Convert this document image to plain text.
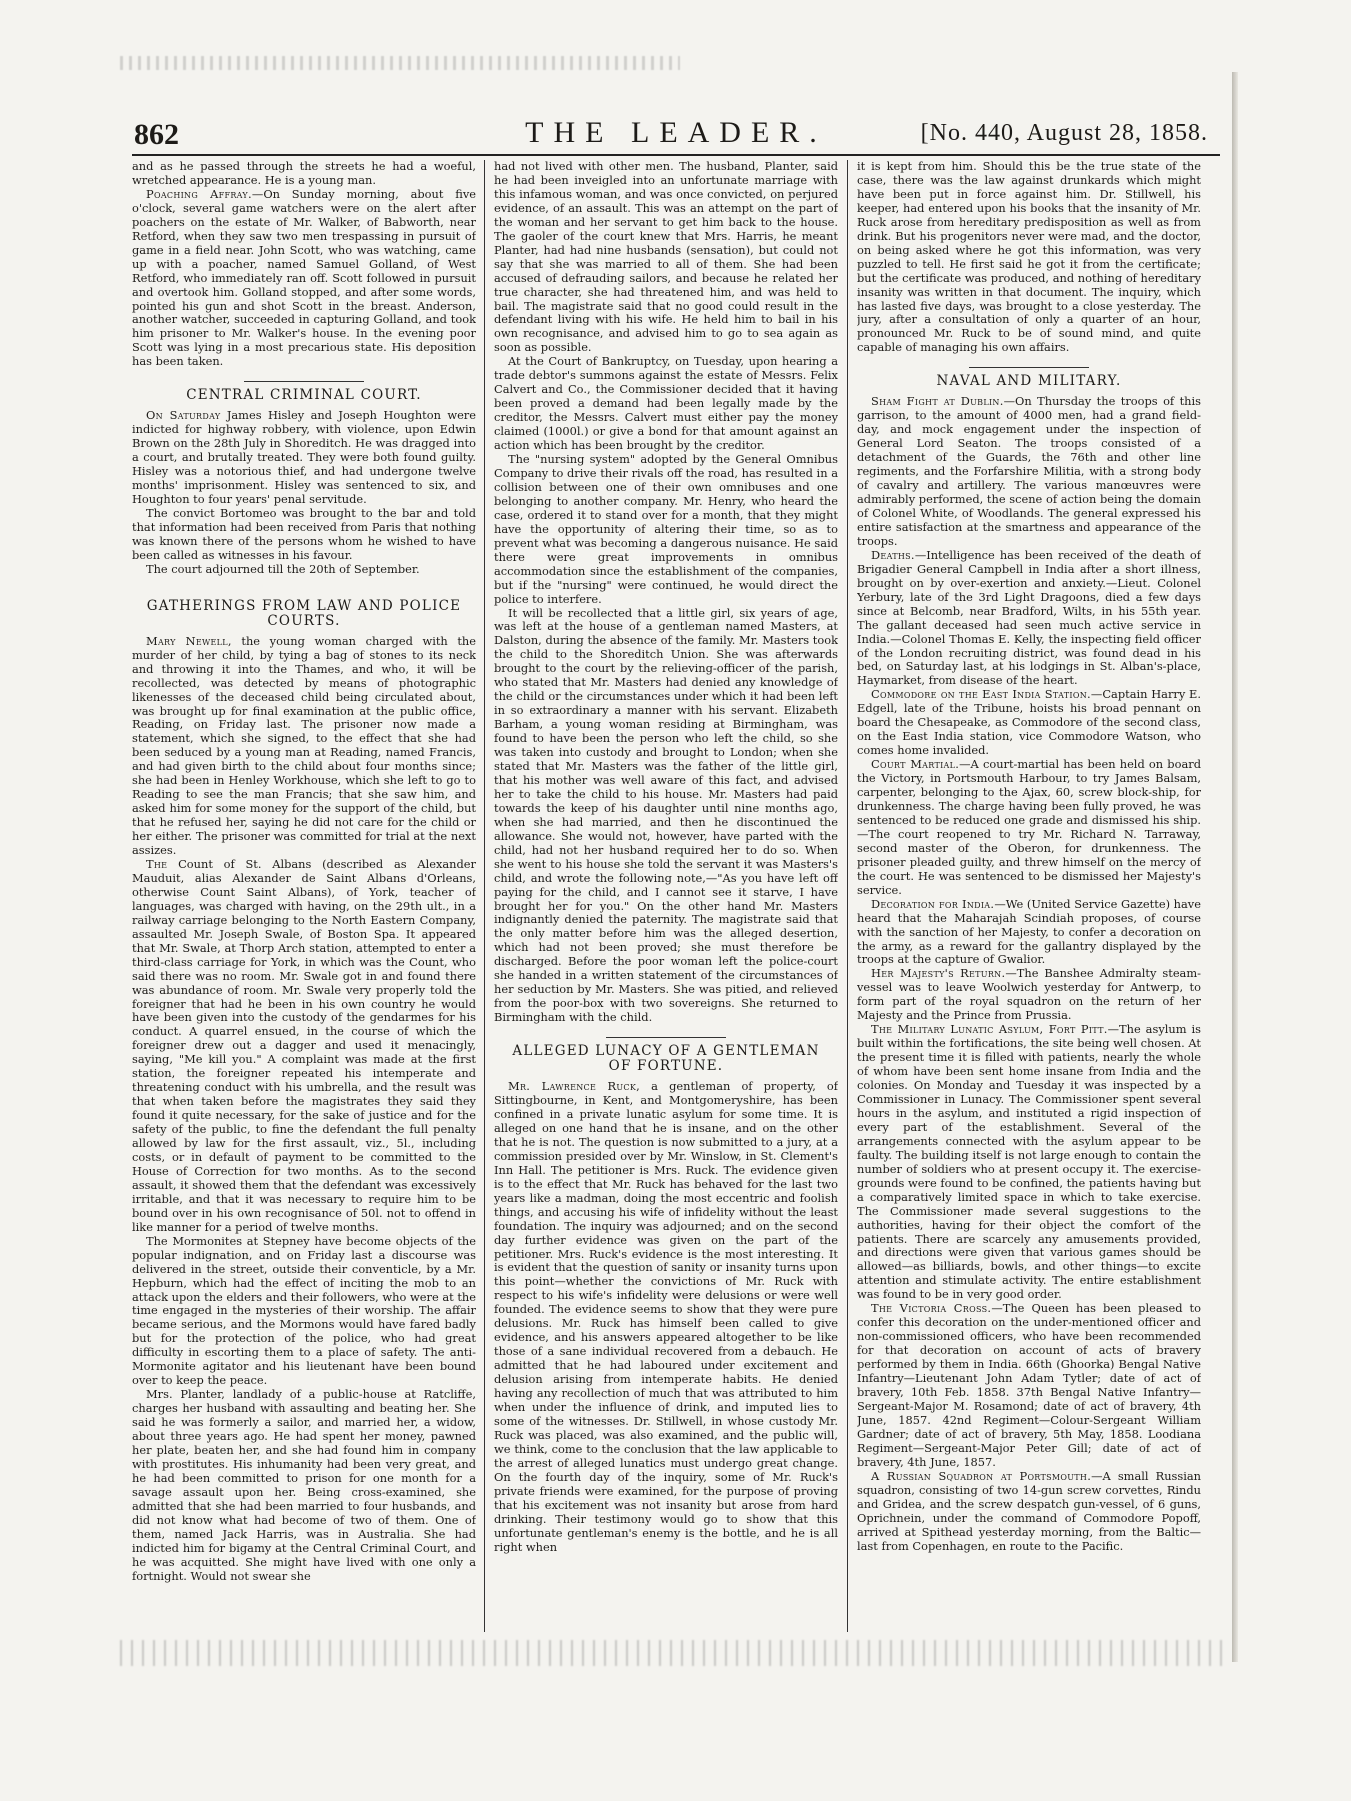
862	THE LEADER.	[No. 440, August 28, 1858.

and as he passed through the streets he had a woeful, wretched appearance. He is a young man.

Poaching Affray.—On Sunday morning, about five o'clock, several game watchers were on the alert after poachers on the estate of Mr. Walker, of Babworth, near Retford, when they saw two men trespassing in pursuit of game in a field near. John Scott, who was watching, came up with a poacher, named Samuel Golland, of West Retford, who immediately ran off. Scott followed in pursuit and overtook him. Golland stopped, and after some words, pointed his gun and shot Scott in the breast. Anderson, another watcher, succeeded in capturing Golland, and took him prisoner to Mr. Walker's house. In the evening poor Scott was lying in a most precarious state. His deposition has been taken.

CENTRAL CRIMINAL COURT.

On Saturday James Hisley and Joseph Houghton were indicted for highway robbery, with violence, upon Edwin Brown on the 28th July in Shoreditch. He was dragged into a court, and brutally treated. They were both found guilty. Hisley was a notorious thief, and had undergone twelve months' imprisonment. Hisley was sentenced to six, and Houghton to four years' penal servitude.

The convict Bortomeo was brought to the bar and told that information had been received from Paris that nothing was known there of the persons whom he wished to have been called as witnesses in his favour.

The court adjourned till the 20th of September.

GATHERINGS FROM LAW AND POLICE COURTS.

Mary Newell, the young woman charged with the murder of her child, by tying a bag of stones to its neck and throwing it into the Thames, and who, it will be recollected, was detected by means of photographic likenesses of the deceased child being circulated about, was brought up for final examination at the public office, Reading, on Friday last. The prisoner now made a statement, which she signed, to the effect that she had been seduced by a young man at Reading, named Francis, and had given birth to the child about four months since; she had been in Henley Workhouse, which she left to go to Reading to see the man Francis; that she saw him, and asked him for some money for the support of the child, but that he refused her, saying he did not care for the child or her either. The prisoner was committed for trial at the next assizes.

The Count of St. Albans (described as Alexander Mauduit, alias Alexander de Saint Albans d'Orleans, otherwise Count Saint Albans), of York, teacher of languages, was charged with having, on the 29th ult., in a railway carriage belonging to the North Eastern Company, assaulted Mr. Joseph Swale, of Boston Spa. It appeared that Mr. Swale, at Thorp Arch station, attempted to enter a third-class carriage for York, in which was the Count, who said there was no room. Mr. Swale got in and found there was abundance of room. Mr. Swale very properly told the foreigner that had he been in his own country he would have been given into the custody of the gendarmes for his conduct. A quarrel ensued, in the course of which the foreigner drew out a dagger and used it menacingly, saying, "Me kill you." A complaint was made at the first station, the foreigner repeated his intemperate and threatening conduct with his umbrella, and the result was that when taken before the magistrates they said they found it quite necessary, for the sake of justice and for the safety of the public, to fine the defendant the full penalty allowed by law for the first assault, viz., 5l., including costs, or in default of payment to be committed to the House of Correction for two months. As to the second assault, it showed them that the defendant was excessively irritable, and that it was necessary to require him to be bound over in his own recognisance of 50l. not to offend in like manner for a period of twelve months.

The Mormonites at Stepney have become objects of the popular indignation, and on Friday last a discourse was delivered in the street, outside their conventicle, by a Mr. Hepburn, which had the effect of inciting the mob to an attack upon the elders and their followers, who were at the time engaged in the mysteries of their worship. The affair became serious, and the Mormons would have fared badly but for the protection of the police, who had great difficulty in escorting them to a place of safety. The anti-Mormonite agitator and his lieutenant have been bound over to keep the peace.

Mrs. Planter, landlady of a public-house at Ratcliffe, charges her husband with assaulting and beating her. She said he was formerly a sailor, and married her, a widow, about three years ago. He had spent her money, pawned her plate, beaten her, and she had found him in company with prostitutes. His inhumanity had been very great, and he had been committed to prison for one month for a savage assault upon her. Being cross-examined, she admitted that she had been married to four husbands, and did not know what had become of two of them. One of them, named Jack Harris, was in Australia. She had indicted him for bigamy at the Central Criminal Court, and he was acquitted. She might have lived with one only a fortnight. Would not swear she

had not lived with other men. The husband, Planter, said he had been inveigled into an unfortunate marriage with this infamous woman, and was once convicted, on perjured evidence, of an assault. This was an attempt on the part of the woman and her servant to get him back to the house. The gaoler of the court knew that Mrs. Harris, he meant Planter, had had nine husbands (sensation), but could not say that she was married to all of them. She had been accused of defrauding sailors, and because he related her true character, she had threatened him, and was held to bail. The magistrate said that no good could result in the defendant living with his wife. He held him to bail in his own recognisance, and advised him to go to sea again as soon as possible.

At the Court of Bankruptcy, on Tuesday, upon hearing a trade debtor's summons against the estate of Messrs. Felix Calvert and Co., the Commissioner decided that it having been proved a demand had been legally made by the creditor, the Messrs. Calvert must either pay the money claimed (1000l.) or give a bond for that amount against an action which has been brought by the creditor.

The "nursing system" adopted by the General Omnibus Company to drive their rivals off the road, has resulted in a collision between one of their own omnibuses and one belonging to another company. Mr. Henry, who heard the case, ordered it to stand over for a month, that they might have the opportunity of altering their time, so as to prevent what was becoming a dangerous nuisance. He said there were great improvements in omnibus accommodation since the establishment of the companies, but if the "nursing" were continued, he would direct the police to interfere.

It will be recollected that a little girl, six years of age, was left at the house of a gentleman named Masters, at Dalston, during the absence of the family. Mr. Masters took the child to the Shoreditch Union. She was afterwards brought to the court by the relieving-officer of the parish, who stated that Mr. Masters had denied any knowledge of the child or the circumstances under which it had been left in so extraordinary a manner with his servant. Elizabeth Barham, a young woman residing at Birmingham, was found to have been the person who left the child, so she was taken into custody and brought to London; when she stated that Mr. Masters was the father of the little girl, that his mother was well aware of this fact, and advised her to take the child to his house. Mr. Masters had paid towards the keep of his daughter until nine months ago, when she had married, and then he discontinued the allowance. She would not, however, have parted with the child, had not her husband required her to do so. When she went to his house she told the servant it was Masters's child, and wrote the following note,—"As you have left off paying for the child, and I cannot see it starve, I have brought her for you." On the other hand Mr. Masters indignantly denied the paternity. The magistrate said that the only matter before him was the alleged desertion, which had not been proved; she must therefore be discharged. Before the poor woman left the police-court she handed in a written statement of the circumstances of her seduction by Mr. Masters. She was pitied, and relieved from the poor-box with two sovereigns. She returned to Birmingham with the child.

ALLEGED LUNACY OF A GENTLEMAN OF FORTUNE.

Mr. Lawrence Ruck, a gentleman of property, of Sittingbourne, in Kent, and Montgomeryshire, has been confined in a private lunatic asylum for some time. It is alleged on one hand that he is insane, and on the other that he is not. The question is now submitted to a jury, at a commission presided over by Mr. Winslow, in St. Clement's Inn Hall. The petitioner is Mrs. Ruck. The evidence given is to the effect that Mr. Ruck has behaved for the last two years like a madman, doing the most eccentric and foolish things, and accusing his wife of infidelity without the least foundation. The inquiry was adjourned; and on the second day further evidence was given on the part of the petitioner. Mrs. Ruck's evidence is the most interesting. It is evident that the question of sanity or insanity turns upon this point—whether the convictions of Mr. Ruck with respect to his wife's infidelity were delusions or were well founded. The evidence seems to show that they were pure delusions. Mr. Ruck has himself been called to give evidence, and his answers appeared altogether to be like those of a sane individual recovered from a debauch. He admitted that he had laboured under excitement and delusion arising from intemperate habits. He denied having any recollection of much that was attributed to him when under the influence of drink, and imputed lies to some of the witnesses. Dr. Stillwell, in whose custody Mr. Ruck was placed, was also examined, and the public will, we think, come to the conclusion that the law applicable to the arrest of alleged lunatics must undergo great change. On the fourth day of the inquiry, some of Mr. Ruck's private friends were examined, for the purpose of proving that his excitement was not insanity but arose from hard drinking. Their testimony would go to show that this unfortunate gentleman's enemy is the bottle, and he is all right when

it is kept from him. Should this be the true state of the case, there was the law against drunkards which might have been put in force against him. Dr. Stillwell, his keeper, had entered upon his books that the insanity of Mr. Ruck arose from hereditary predisposition as well as from drink. But his progenitors never were mad, and the doctor, on being asked where he got this information, was very puzzled to tell. He first said he got it from the certificate; but the certificate was produced, and nothing of hereditary insanity was written in that document. The inquiry, which has lasted five days, was brought to a close yesterday. The jury, after a consultation of only a quarter of an hour, pronounced Mr. Ruck to be of sound mind, and quite capable of managing his own affairs.

NAVAL AND MILITARY.

Sham Fight at Dublin.—On Thursday the troops of this garrison, to the amount of 4000 men, had a grand field-day, and mock engagement under the inspection of General Lord Seaton. The troops consisted of a detachment of the Guards, the 76th and other line regiments, and the Forfarshire Militia, with a strong body of cavalry and artillery. The various manœuvres were admirably performed, the scene of action being the domain of Colonel White, of Woodlands. The general expressed his entire satisfaction at the smartness and appearance of the troops.

Deaths.—Intelligence has been received of the death of Brigadier General Campbell in India after a short illness, brought on by over-exertion and anxiety.—Lieut. Colonel Yerbury, late of the 3rd Light Dragoons, died a few days since at Belcomb, near Bradford, Wilts, in his 55th year. The gallant deceased had seen much active service in India.—Colonel Thomas E. Kelly, the inspecting field officer of the London recruiting district, was found dead in his bed, on Saturday last, at his lodgings in St. Alban's-place, Haymarket, from disease of the heart.

Commodore on the East India Station.—Captain Harry E. Edgell, late of the Tribune, hoists his broad pennant on board the Chesapeake, as Commodore of the second class, on the East India station, vice Commodore Watson, who comes home invalided.

Court Martial.—A court-martial has been held on board the Victory, in Portsmouth Harbour, to try James Balsam, carpenter, belonging to the Ajax, 60, screw block-ship, for drunkenness. The charge having been fully proved, he was sentenced to be reduced one grade and dismissed his ship.—The court reopened to try Mr. Richard N. Tarraway, second master of the Oberon, for drunkenness. The prisoner pleaded guilty, and threw himself on the mercy of the court. He was sentenced to be dismissed her Majesty's service.

Decoration for India.—We (United Service Gazette) have heard that the Maharajah Scindiah proposes, of course with the sanction of her Majesty, to confer a decoration on the army, as a reward for the gallantry displayed by the troops at the capture of Gwalior.

Her Majesty's Return.—The Banshee Admiralty steam-vessel was to leave Woolwich yesterday for Antwerp, to form part of the royal squadron on the return of her Majesty and the Prince from Prussia.

The Military Lunatic Asylum, Fort Pitt.—The asylum is built within the fortifications, the site being well chosen. At the present time it is filled with patients, nearly the whole of whom have been sent home insane from India and the colonies. On Monday and Tuesday it was inspected by a Commissioner in Lunacy. The Commissioner spent several hours in the asylum, and instituted a rigid inspection of every part of the establishment. Several of the arrangements connected with the asylum appear to be faulty. The building itself is not large enough to contain the number of soldiers who at present occupy it. The exercise-grounds were found to be confined, the patients having but a comparatively limited space in which to take exercise. The Commissioner made several suggestions to the authorities, having for their object the comfort of the patients. There are scarcely any amusements provided, and directions were given that various games should be allowed—as billiards, bowls, and other things—to excite attention and stimulate activity. The entire establishment was found to be in very good order.

The Victoria Cross.—The Queen has been pleased to confer this decoration on the under-mentioned officer and non-commissioned officers, who have been recommended for that decoration on account of acts of bravery performed by them in India. 66th (Ghoorka) Bengal Native Infantry—Lieutenant John Adam Tytler; date of act of bravery, 10th Feb. 1858. 37th Bengal Native Infantry—Sergeant-Major M. Rosamond; date of act of bravery, 4th June, 1857. 42nd Regiment—Colour-Sergeant William Gardner; date of act of bravery, 5th May, 1858. Loodiana Regiment—Sergeant-Major Peter Gill; date of act of bravery, 4th June, 1857.

A Russian Squadron at Portsmouth.—A small Russian squadron, consisting of two 14-gun screw corvettes, Rindu and Gridea, and the screw despatch gun-vessel, of 6 guns, Oprichnein, under the command of Commodore Popoff, arrived at Spithead yesterday morning, from the Baltic—last from Copenhagen, en route to the Pacific.
